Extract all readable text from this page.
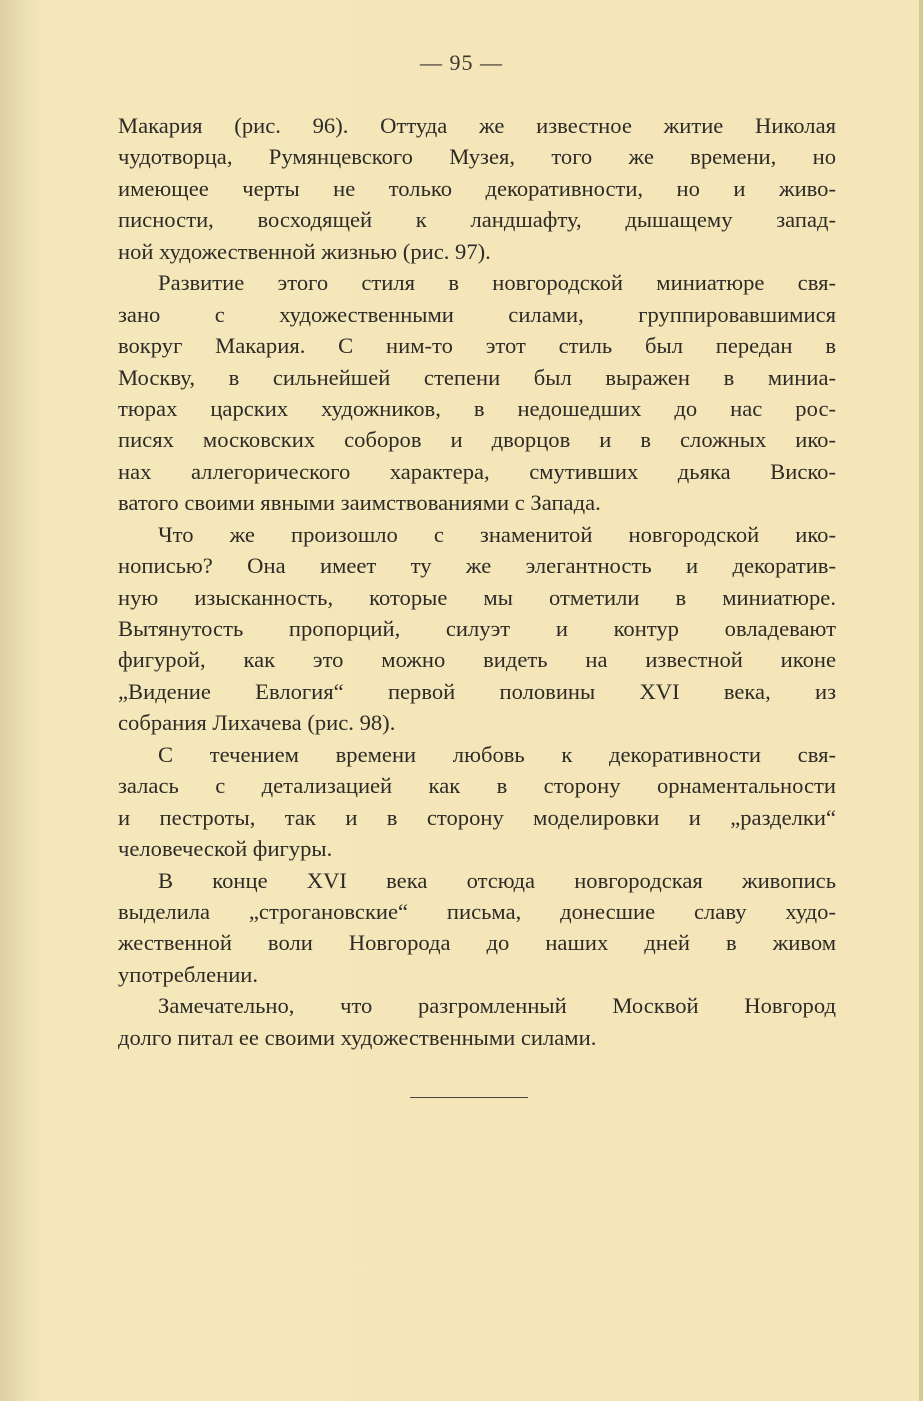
— 95 —

Макария (рис. 96). Оттуда же известное житие Николая
чудотворца, Румянцевского Музея, того же времени, но
имеющее черты не только декоративности, но и живо-
писности, восходящей к ландшафту, дышащему запад-
ной художественной жизнью (рис. 97).

Развитие этого стиля в новгородской миниатюре свя-
зано с художественными силами, группировавшимися
вокруг Макария. С ним-то этот стиль был передан в
Москву, в сильнейшей степени был выражен в миниа-
тюрах царских художников, в недошедших до нас рос-
писях московских соборов и дворцов и в сложных ико-
нах аллегорического характера, смутивших дьяка Виско-
ватого своими явными заимствованиями с Запада.

Что же произошло с знаменитой новгородской ико-
нописью? Она имеет ту же элегантность и декоратив-
ную изысканность, которые мы отметили в миниатюре.
Вытянутость пропорций, силуэт и контур овладевают
фигурой, как это можно видеть на известной иконе
„Видение Евлогия“ первой половины XVI века, из
собрания Лихачева (рис. 98).

С течением времени любовь к декоративности свя-
залась с детализацией как в сторону орнаментальности
и пестроты, так и в сторону моделировки и „разделки“
человеческой фигуры.

В конце XVI века отсюда новгородская живопись
выделила „строгановские“ письма, донесшие славу худо-
жественной воли Новгорода до наших дней в живом
употреблении.

Замечательно, что разгромленный Москвой Новгород
долго питал ее своими художественными силами.
